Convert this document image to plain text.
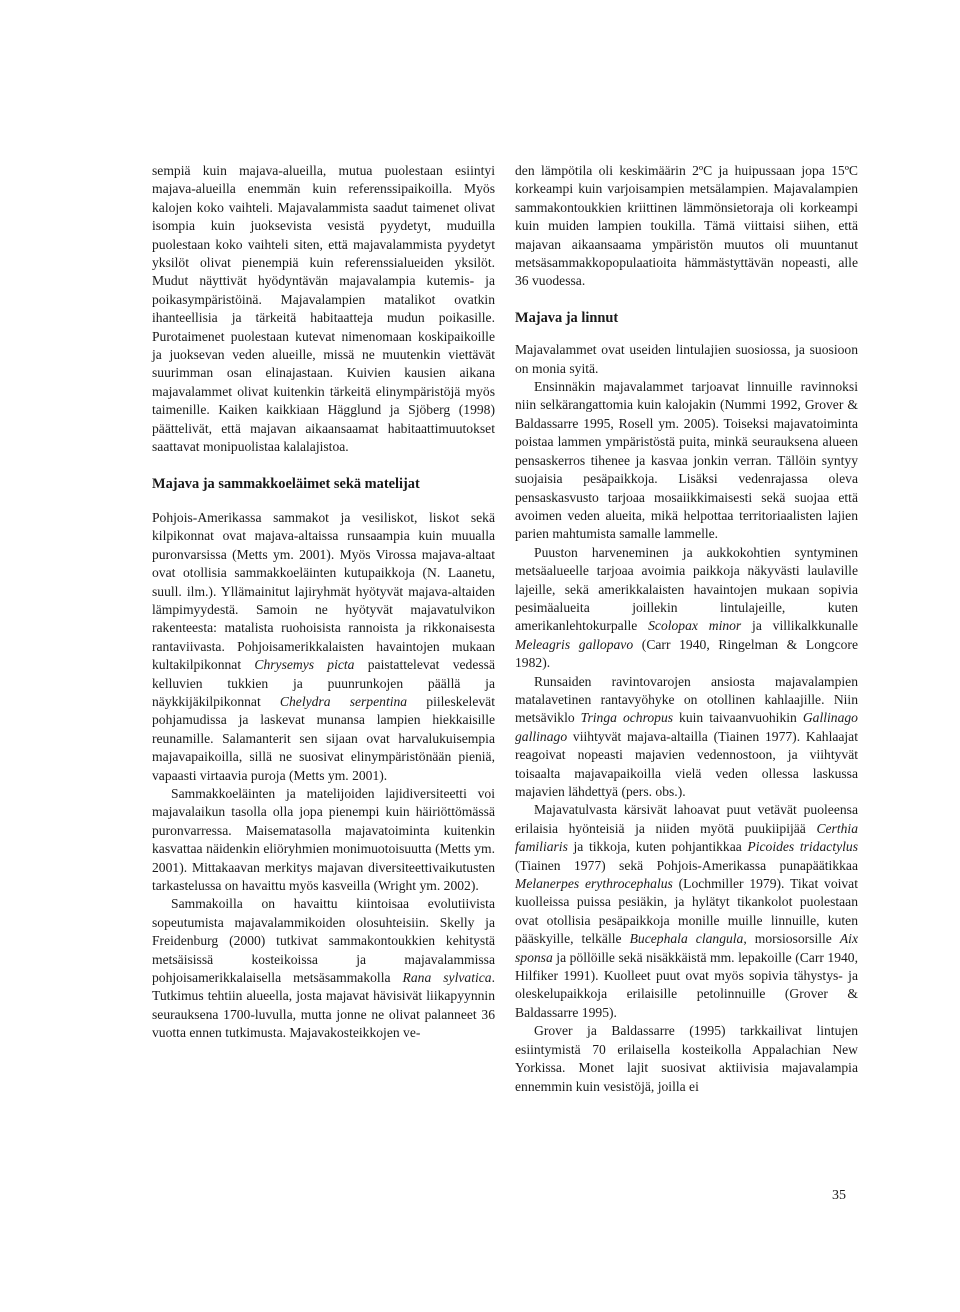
sempiä kuin majava-alueilla, mutua puolestaan esiintyi majava-alueilla enemmän kuin referenssipaikoilla. Myös kalojen koko vaihteli. Majavalammista saadut taimenet olivat isompia kuin juoksevista vesistä pyydetyt, muduilla puolestaan koko vaihteli siten, että majavalammista pyydetyt yksilöt olivat pienempiä kuin referenssialueiden yksilöt. Mudut näyttivät hyödyntävän majavalampia kutemis- ja poikasympäristöinä. Majavalampien matalikot ovatkin ihanteellisia ja tärkeitä habitaatteja mudun poikasille. Purotaimenet puolestaan kutevat nimenomaan koskipaikoille ja juoksevan veden alueille, missä ne muutenkin viettävät suurimman osan elinajastaan. Kuivien kausien aikana majavalammet olivat kuitenkin tärkeitä elinympäristöjä myös taimenille. Kaiken kaikkiaan Hägglund ja Sjöberg (1998) päättelivät, että majavan aikaansaamat habitaattimuutokset saattavat monipuolistaa kalalajistoa.

Majava ja sammakkoeläimet sekä matelijat

Pohjois-Amerikassa sammakot ja vesiliskot, liskot sekä kilpikonnat ovat majava-altaissa runsaampia kuin muualla puronvarsissa (Metts ym. 2001). Myös Virossa majava-altaat ovat otollisia sammakkoeläinten kutupaikkoja (N. Laanetu, suull. ilm.). Yllämainitut lajiryhmät hyötyvät majava-altaiden lämpimyydestä. Samoin ne hyötyvät majavatulvikon rakenteesta: matalista ruohoisista rannoista ja rikkonaisesta rantaviivasta. Pohjoisamerikkalaisten havaintojen mukaan kultakilpikonnat Chrysemys picta paistattelevat vedessä kelluvien tukkien ja puunrunkojen päällä ja näykkijäkilpikonnat Chelydra serpentina piileskelevät pohjamudissa ja laskevat munansa lampien hiekkaisille reunamille. Salamanterit sen sijaan ovat harvalukuisempia majavapaikoilla, sillä ne suosivat elinympäristönään pieniä, vapaasti virtaavia puroja (Metts ym. 2001).

Sammakkoeläinten ja matelijoiden lajidiversiteetti voi majavalaikun tasolla olla jopa pienempi kuin häiriöttömässä puronvarressa. Maisematasolla majavatoiminta kuitenkin kasvattaa näidenkin eliöryhmien monimuotoisuutta (Metts ym. 2001). Mittakaavan merkitys majavan diversiteettivaikutusten tarkastelussa on havaittu myös kasveilla (Wright ym. 2002).

Sammakoilla on havaittu kiintoisaa evolutiivista sopeutumista majavalammikoiden olosuhteisiin. Skelly ja Freidenburg (2000) tutkivat sammakontoukkien kehitystä metsäisissä kosteikoissa ja majavalammissa pohjoisamerikkalaisella metsäsammakolla Rana sylvatica. Tutkimus tehtiin alueella, josta majavat hävisivät liikapyynnin seurauksena 1700-luvulla, mutta jonne ne olivat palanneet 36 vuotta ennen tutkimusta. Majavakosteikkojen ve-

den lämpötila oli keskimäärin 2ºC ja huipussaan jopa 15ºC korkeampi kuin varjoisampien metsälampien. Majavalampien sammakontoukkien kriittinen lämmönsietoraja oli korkeampi kuin muiden lampien toukilla. Tämä viittaisi siihen, että majavan aikaansaama ympäristön muutos oli muuntanut metsäsammakkopopulaatioita hämmästyttävän nopeasti, alle 36 vuodessa.

Majava ja linnut

Majavalammet ovat useiden lintulajien suosiossa, ja suosioon on monia syitä.

Ensinnäkin majavalammet tarjoavat linnuille ravinnoksi niin selkärangattomia kuin kalojakin (Nummi 1992, Grover & Baldassarre 1995, Rosell ym. 2005). Toiseksi majavatoiminta poistaa lammen ympäristöstä puita, minkä seurauksena alueen pensaskerros tihenee ja kasvaa jonkin verran. Tällöin syntyy suojaisia pesäpaikkoja. Lisäksi vedenrajassa oleva pensaskasvusto tarjoaa mosaiikkimaisesti sekä suojaa että avoimen veden alueita, mikä helpottaa territoriaalisten lajien parien mahtumista samalle lammelle.

Puuston harveneminen ja aukkokohtien syntyminen metsäalueelle tarjoaa avoimia paikkoja näkyvästi laulaville lajeille, sekä amerikkalaisten havaintojen mukaan sopivia pesimäalueita joillekin lintulajeille, kuten amerikanlehtokurpalle Scolopax minor ja villikalkkunalle Meleagris gallopavo (Carr 1940, Ringelman & Longcore 1982).

Runsaiden ravintovarojen ansiosta majavalampien matalavetinen rantavyöhyke on otollinen kahlaajille. Niin metsäviklo Tringa ochropus kuin taivaanvuohikin Gallinago gallinago viihtyvät majava-altailla (Tiainen 1977). Kahlaajat reagoivat nopeasti majavien vedennostoon, ja viihtyvät toisaalta majavapaikoilla vielä veden ollessa laskussa majavien lähdettyä (pers. obs.).

Majavatulvasta kärsivät lahoavat puut vetävät puoleensa erilaisia hyönteisiä ja niiden myötä puukiipijää Certhia familiaris ja tikkoja, kuten pohjantikkaa Picoides tridactylus (Tiainen 1977) sekä Pohjois-Amerikassa punapäätikkaa Melanerpes erythrocephalus (Lochmiller 1979). Tikat voivat kuolleissa puissa pesiäkin, ja hylätyt tikankolot puolestaan ovat otollisia pesäpaikkoja monille muille linnuille, kuten pääskyille, telkälle Bucephala clangula, morsiosorsille Aix sponsa ja pöllöille sekä nisäkkäistä mm. lepakoille (Carr 1940, Hilfiker 1991). Kuolleet puut ovat myös sopivia tähystys- ja oleskelupaikkoja erilaisille petolinnuille (Grover & Baldassarre 1995).

Grover ja Baldassarre (1995) tarkkailivat lintujen esiintymistä 70 erilaisella kosteikolla Appalachian New Yorkissa. Monet lajit suosivat aktiivisia majavalampia ennemmin kuin vesistöjä, joilla ei

35
